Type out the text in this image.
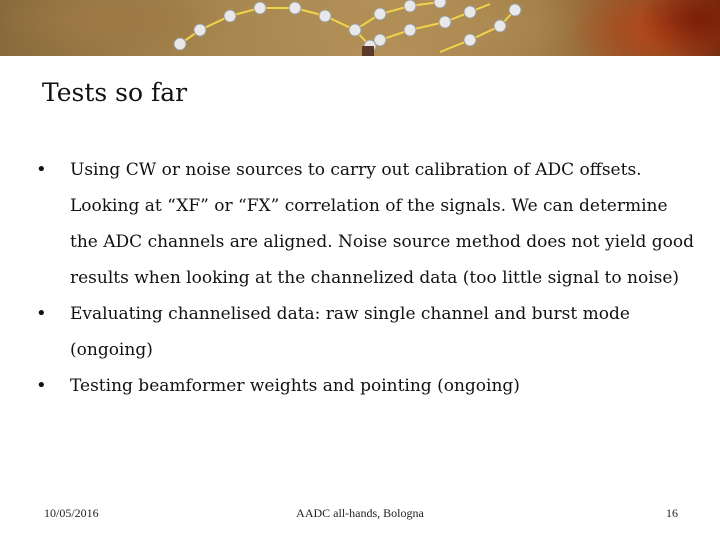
Tests so far
• Using CW or noise sources to carry out calibration of ADC offsets. Looking at “XF” or “FX” correlation of the signals. We can determine the ADC channels are aligned. Noise source method does not yield good results when looking at the channelized data (too little signal to noise)
• Evaluating channelised data: raw single channel and burst mode (ongoing)
• Testing beamformer weights and pointing (ongoing)
10/05/2016	AADC all-hands, Bologna	16
